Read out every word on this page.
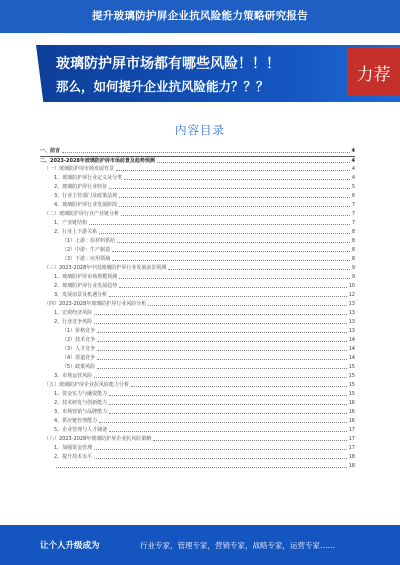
提升玻璃防护屏企业抗风险能力策略研究报告
玻璃防护屏市场都有哪些风险！！！
那么，如何提升企业抗风险能力？？？
力荐
内容目录
一、前言	4
二、2023-2028年玻璃防护屏市场前景及趋势预测	4
（一）玻璃防护屏市场发展背景	4
1、玻璃防护屏行业定义及分类	4
2、玻璃防护屏行业特征	5
3、行业主管部门及政策法规	6
4、玻璃防护屏行业发展阶段	7
（二）玻璃防护屏行业产业链分析	7
1、产业链结构	7
2、行业上下游关系	8
（1）上游：原材料供给	8
（2）中游：生产制造	8
（3）下游：应用领域	8
（三）2023-2028年中国玻璃防护屏行业发展前景预测	9
1、玻璃防护屏市场规模预测	9
2、玻璃防护屏行业发展趋势	10
3、发展前景及机遇分析	12
（四）2023-2028年玻璃防护屏行业风险分析	13
1、宏观经济风险	13
2、行业竞争风险	13
（1）价格竞争	13
（2）技术竞争	14
（3）人才竞争	14
（4）渠道竞争	14
（5）政策风险	15
3、市场运营风险	15
（五）玻璃防护屏企业抗风险能力分析	15
1、资金实力与融资能力	15
2、技术研发与创新能力	16
3、市场营销与品牌能力	16
4、供应链管理能力	16
5、企业管理与人才储备	17
（六）2023-2028年玻璃防护屏企业抗风险策略	17
1、加强资金管理	17
2、提升技术水平	18
18
让个人升级成为	行业专家，管理专家，营销专家，战略专家，运营专家……
